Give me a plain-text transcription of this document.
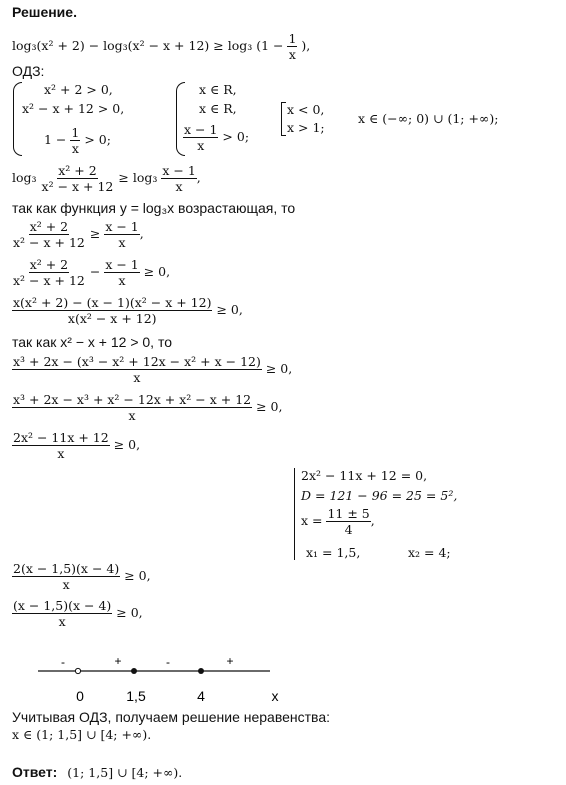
Решение.
log₃(x² + 2) − log₃(x² − x + 12) ≥ log₃ ($1 - \frac{1}{x}$ ),
ОДЗ:
x² + 2 > 0,
x² − x + 12 > 0,
$1 - \frac{1}{x} > 0$;
x ∈ R,
x ∈ R,
$\frac{x - 1}{x} > 0$;
x < 0,
x > 1;
x ∈ (−∞; 0) ∪ (1; +∞);
$\log_3 \frac{\text{x² + 2}}{\text{x² − x + 12}} \ge \log_3 \frac{x - 1}{x}$ ,
так как функция y = log₃x возрастающая, то
$\frac{\text{x² + 2}}{\text{x² − x + 12}} \ge \frac{x - 1}{x}$ ,
$\frac{\text{x² + 2}}{\text{x² − x + 12}} - \frac{x - 1}{x} \ge 0$,
$\frac{\text{x(x² + 2) − (x − 1)(x² − x + 12)}}{\text{x(x² − x + 12)}} \ge 0$,
так как x² − x + 12 > 0, то
$\frac{\text{x³ + 2x − (x³ − x² + 12x − x² + x − 12)}}{x} \ge 0$,
$\frac{\text{x³ + 2x − x³ + x² − 12x + x² − x + 12}}{x} \ge 0$,
$\frac{\text{2x² − 11x + 12}}{x} \ge 0$,
2x² − 11x + 12 = 0,
D = 121 − 96 = 25 = 5²,
$x = \frac{11 \pm 5}{4}$ ,
x₁ = 1,5,	x₂ = 4;
$\frac{2(x - 1,5)(x - 4)}{x} \ge 0$,
$\frac{(x - 1,5)(x - 4)}{x} \ge 0$,
-	+	-	+
0	1,5	4	x
Учитывая ОДЗ, получаем решение неравенства:
x ∈ (1; 1,5] ∪ [4; +∞).
Ответ: (1; 1,5] ∪ [4; +∞).
